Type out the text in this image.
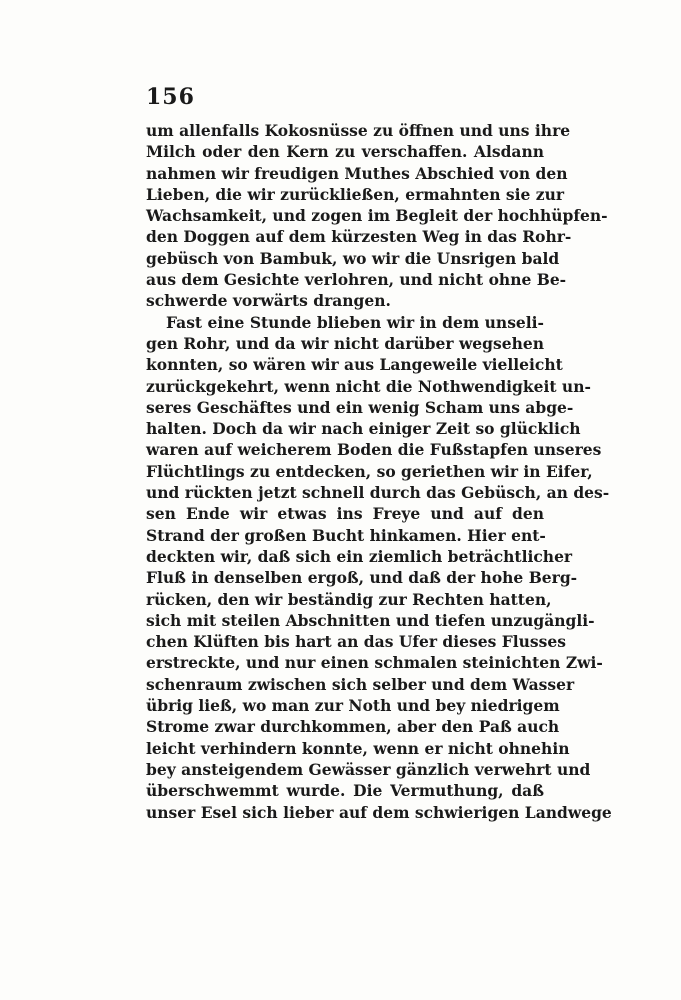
156
um allenfalls Kokosnüsse zu öffnen und uns ihre
Milch oder den Kern zu verschaffen. Alsdann
nahmen wir freudigen Muthes Abschied von den
Lieben, die wir zurückließen, ermahnten sie zur
Wachsamkeit, und zogen im Begleit der hochhüpfen-
den Doggen auf dem kürzesten Weg in das Rohr-
gebüsch von Bambuk, wo wir die Unsrigen bald
aus dem Gesichte verlohren, und nicht ohne Be-
schwerde vorwärts drangen.
Fast eine Stunde blieben wir in dem unseli-
gen Rohr, und da wir nicht darüber wegsehen
konnten, so wären wir aus Langeweile vielleicht
zurückgekehrt, wenn nicht die Nothwendigkeit un-
seres Geschäftes und ein wenig Scham uns abge-
halten. Doch da wir nach einiger Zeit so glücklich
waren auf weicherem Boden die Fußstapfen unseres
Flüchtlings zu entdecken, so geriethen wir in Eifer,
und rückten jetzt schnell durch das Gebüsch, an des-
sen Ende wir etwas ins Freye und auf den
Strand der großen Bucht hinkamen. Hier ent-
deckten wir, daß sich ein ziemlich beträchtlicher
Fluß in denselben ergoß, und daß der hohe Berg-
rücken, den wir beständig zur Rechten hatten,
sich mit steilen Abschnitten und tiefen unzugängli-
chen Klüften bis hart an das Ufer dieses Flusses
erstreckte, und nur einen schmalen steinichten Zwi-
schenraum zwischen sich selber und dem Wasser
übrig ließ, wo man zur Noth und bey niedrigem
Strome zwar durchkommen, aber den Paß auch
leicht verhindern konnte, wenn er nicht ohnehin
bey ansteigendem Gewässer gänzlich verwehrt und
überschwemmt wurde. Die Vermuthung, daß
unser Esel sich lieber auf dem schwierigen Landwege
